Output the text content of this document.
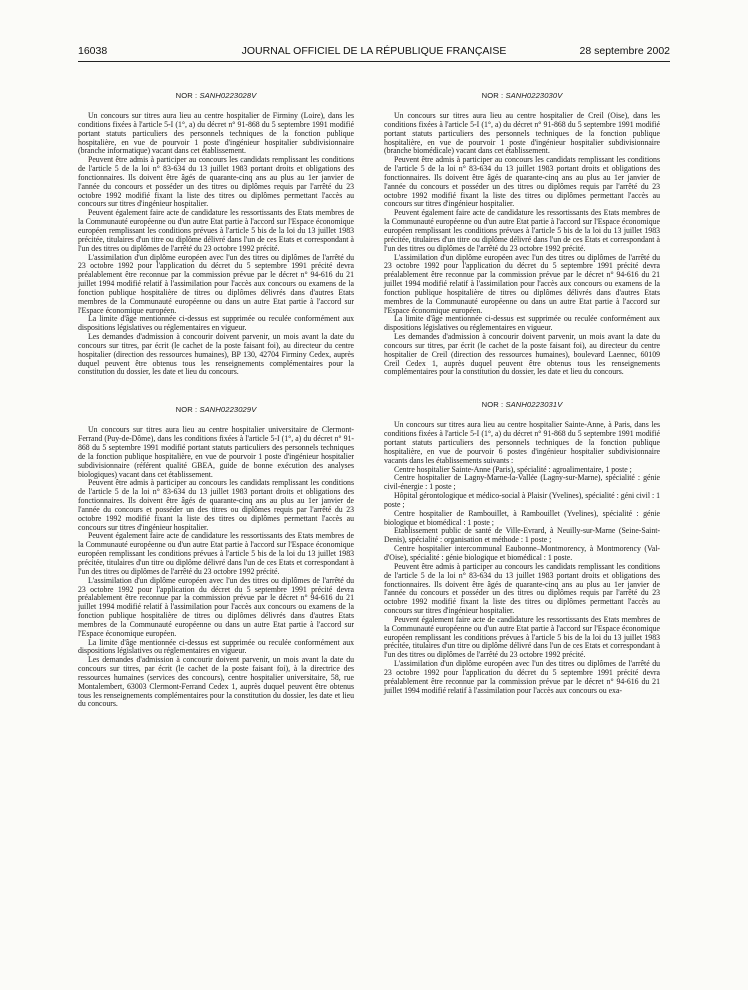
16038	JOURNAL OFFICIEL DE LA RÉPUBLIQUE FRANÇAISE	28 septembre 2002
NOR : SANH0223028V

Un concours sur titres aura lieu au centre hospitalier de Firminy (Loire), dans les conditions fixées à l'article 5-I (1°, a) du décret n° 91-868 du 5 septembre 1991 modifié portant statuts particuliers des personnels techniques de la fonction publique hospitalière, en vue de pourvoir 1 poste d'ingénieur hospitalier subdivisionnaire (branche informatique) vacant dans cet établissement.

Peuvent être admis à participer au concours les candidats remplissant les conditions de l'article 5 de la loi n° 83-634 du 13 juillet 1983 portant droits et obligations des fonctionnaires. Ils doivent être âgés de quarante-cinq ans au plus au 1er janvier de l'année du concours et posséder un des titres ou diplômes requis par l'arrêté du 23 octobre 1992 modifié fixant la liste des titres ou diplômes permettant l'accès au concours sur titres d'ingénieur hospitalier.

Peuvent également faire acte de candidature les ressortissants des Etats membres de la Communauté européenne ou d'un autre Etat partie à l'accord sur l'Espace économique européen remplissant les conditions prévues à l'article 5 bis de la loi du 13 juillet 1983 précitée, titulaires d'un titre ou diplôme délivré dans l'un de ces Etats et correspondant à l'un des titres ou diplômes de l'arrêté du 23 octobre 1992 précité.

L'assimilation d'un diplôme européen avec l'un des titres ou diplômes de l'arrêté du 23 octobre 1992 pour l'application du décret du 5 septembre 1991 précité devra préalablement être reconnue par la commission prévue par le décret n° 94-616 du 21 juillet 1994 modifié relatif à l'assimilation pour l'accès aux concours ou examens de la fonction publique hospitalière de titres ou diplômes délivrés dans d'autres Etats membres de la Communauté européenne ou dans un autre Etat partie à l'accord sur l'Espace économique européen.

La limite d'âge mentionnée ci-dessus est supprimée ou reculée conformément aux dispositions législatives ou réglementaires en vigueur.

Les demandes d'admission à concourir doivent parvenir, un mois avant la date du concours sur titres, par écrit (le cachet de la poste faisant foi), au directeur du centre hospitalier (direction des ressources humaines), BP 130, 42704 Firminy Cedex, auprès duquel peuvent être obtenus tous les renseignements complémentaires pour la constitution du dossier, les date et lieu du concours.

NOR : SANH0223029V

Un concours sur titres aura lieu au centre hospitalier universitaire de Clermont-Ferrand (Puy-de-Dôme), dans les conditions fixées à l'article 5-I (1°, a) du décret n° 91-868 du 5 septembre 1991 modifié portant statuts particuliers des personnels techniques de la fonction publique hospitalière, en vue de pourvoir 1 poste d'ingénieur hospitalier subdivisionnaire (référent qualité GBEA, guide de bonne exécution des analyses biologiques) vacant dans cet établissement.

Peuvent être admis à participer au concours les candidats remplissant les conditions de l'article 5 de la loi n° 83-634 du 13 juillet 1983 portant droits et obligations des fonctionnaires. Ils doivent être âgés de quarante-cinq ans au plus au 1er janvier de l'année du concours et posséder un des titres ou diplômes requis par l'arrêté du 23 octobre 1992 modifié fixant la liste des titres ou diplômes permettant l'accès au concours sur titres d'ingénieur hospitalier.

Peuvent également faire acte de candidature les ressortissants des Etats membres de la Communauté européenne ou d'un autre Etat partie à l'accord sur l'Espace économique européen remplissant les conditions prévues à l'article 5 bis de la loi du 13 juillet 1983 précitée, titulaires d'un titre ou diplôme délivré dans l'un de ces Etats et correspondant à l'un des titres ou diplômes de l'arrêté du 23 octobre 1992 précité.

L'assimilation d'un diplôme européen avec l'un des titres ou diplômes de l'arrêté du 23 octobre 1992 pour l'application du décret du 5 septembre 1991 précité devra préalablement être reconnue par la commission prévue par le décret n° 94-616 du 21 juillet 1994 modifié relatif à l'assimilation pour l'accès aux concours ou examens de la fonction publique hospitalière de titres ou diplômes délivrés dans d'autres Etats membres de la Communauté européenne ou dans un autre Etat partie à l'accord sur l'Espace économique européen.

La limite d'âge mentionnée ci-dessus est supprimée ou reculée conformément aux dispositions législatives ou réglementaires en vigueur.

Les demandes d'admission à concourir doivent parvenir, un mois avant la date du concours sur titres, par écrit (le cachet de la poste faisant foi), à la directrice des ressources humaines (services des concours), centre hospitalier universitaire, 58, rue Montalembert, 63003 Clermont-Ferrand Cedex 1, auprès duquel peuvent être obtenus tous les renseignements complémentaires pour la constitution du dossier, les date et lieu du concours.

NOR : SANH0223030V

Un concours sur titres aura lieu au centre hospitalier de Creil (Oise), dans les conditions fixées à l'article 5-I (1°, a) du décret n° 91-868 du 5 septembre 1991 modifié portant statuts particuliers des personnels techniques de la fonction publique hospitalière, en vue de pourvoir 1 poste d'ingénieur hospitalier subdivisionnaire (branche biomédicale) vacant dans cet établissement.

Peuvent être admis à participer au concours les candidats remplissant les conditions de l'article 5 de la loi n° 83-634 du 13 juillet 1983 portant droits et obligations des fonctionnaires. Ils doivent être âgés de quarante-cinq ans au plus au 1er janvier de l'année du concours et posséder un des titres ou diplômes requis par l'arrêté du 23 octobre 1992 modifié fixant la liste des titres ou diplômes permettant l'accès au concours sur titres d'ingénieur hospitalier.

Peuvent également faire acte de candidature les ressortissants des Etats membres de la Communauté européenne ou d'un autre Etat partie à l'accord sur l'Espace économique européen remplissant les conditions prévues à l'article 5 bis de la loi du 13 juillet 1983 précitée, titulaires d'un titre ou diplôme délivré dans l'un de ces Etats et correspondant à l'un des titres ou diplômes de l'arrêté du 23 octobre 1992 précité.

L'assimilation d'un diplôme européen avec l'un des titres ou diplômes de l'arrêté du 23 octobre 1992 pour l'application du décret du 5 septembre 1991 précité devra préalablement être reconnue par la commission prévue par le décret n° 94-616 du 21 juillet 1994 modifié relatif à l'assimilation pour l'accès aux concours ou examens de la fonction publique hospitalière de titres ou diplômes délivrés dans d'autres Etats membres de la Communauté européenne ou dans un autre Etat partie à l'accord sur l'Espace économique européen.

La limite d'âge mentionnée ci-dessus est supprimée ou reculée conformément aux dispositions législatives ou réglementaires en vigueur.

Les demandes d'admission à concourir doivent parvenir, un mois avant la date du concours sur titres, par écrit (le cachet de la poste faisant foi), au directeur du centre hospitalier de Creil (direction des ressources humaines), boulevard Laennec, 60109 Creil Cedex 1, auprès duquel peuvent être obtenus tous les renseignements complémentaires pour la constitution du dossier, les date et lieu du concours.

NOR : SANH0223031V

Un concours sur titres aura lieu au centre hospitalier Sainte-Anne, à Paris, dans les conditions fixées à l'article 5-I (1°, a) du décret n° 91-868 du 5 septembre 1991 modifié portant statuts particuliers des personnels techniques de la fonction publique hospitalière, en vue de pourvoir 6 postes d'ingénieur hospitalier subdivisionnaire vacants dans les établissements suivants :

Centre hospitalier Sainte-Anne (Paris), spécialité : agroalimentaire, 1 poste ;

Centre hospitalier de Lagny-Marne-la-Vallée (Lagny-sur-Marne), spécialité : génie civil-énergie : 1 poste ;

Hôpital gérontologique et médico-social à Plaisir (Yvelines), spécialité : géni civil : 1 poste ;

Centre hospitalier de Rambouillet, à Rambouillet (Yvelines), spécialité : génie biologique et biomédical : 1 poste ;

Etablissement public de santé de Ville-Evrard, à Neuilly-sur-Marne (Seine-Saint-Denis), spécialité : organisation et méthode : 1 poste ;

Centre hospitalier intercommunal Eaubonne–Montmorency, à Montmorency (Val-d'Oise), spécialité : génie biologique et biomédical : 1 poste.

Peuvent être admis à participer au concours les candidats remplissant les conditions de l'article 5 de la loi n° 83-634 du 13 juillet 1983 portant droits et obligations des fonctionnaires. Ils doivent être âgés de quarante-cinq ans au plus au 1er janvier de l'année du concours et posséder un des titres ou diplômes requis par l'arrêté du 23 octobre 1992 modifié fixant la liste des titres ou diplômes permettant l'accès au concours sur titres d'ingénieur hospitalier.

Peuvent également faire acte de candidature les ressortissants des Etats membres de la Communauté européenne ou d'un autre Etat partie à l'accord sur l'Espace économique européen remplissant les conditions prévues à l'article 5 bis de la loi du 13 juillet 1983 précitée, titulaires d'un titre ou diplôme délivré dans l'un de ces Etats et correspondant à l'un des titres ou diplômes de l'arrêté du 23 octobre 1992 précité.

L'assimilation d'un diplôme européen avec l'un des titres ou diplômes de l'arrêté du 23 octobre 1992 pour l'application du décret du 5 septembre 1991 précité devra préalablement être reconnue par la commission prévue par le décret n° 94-616 du 21 juillet 1994 modifié relatif à l'assimilation pour l'accès aux concours ou exa-
